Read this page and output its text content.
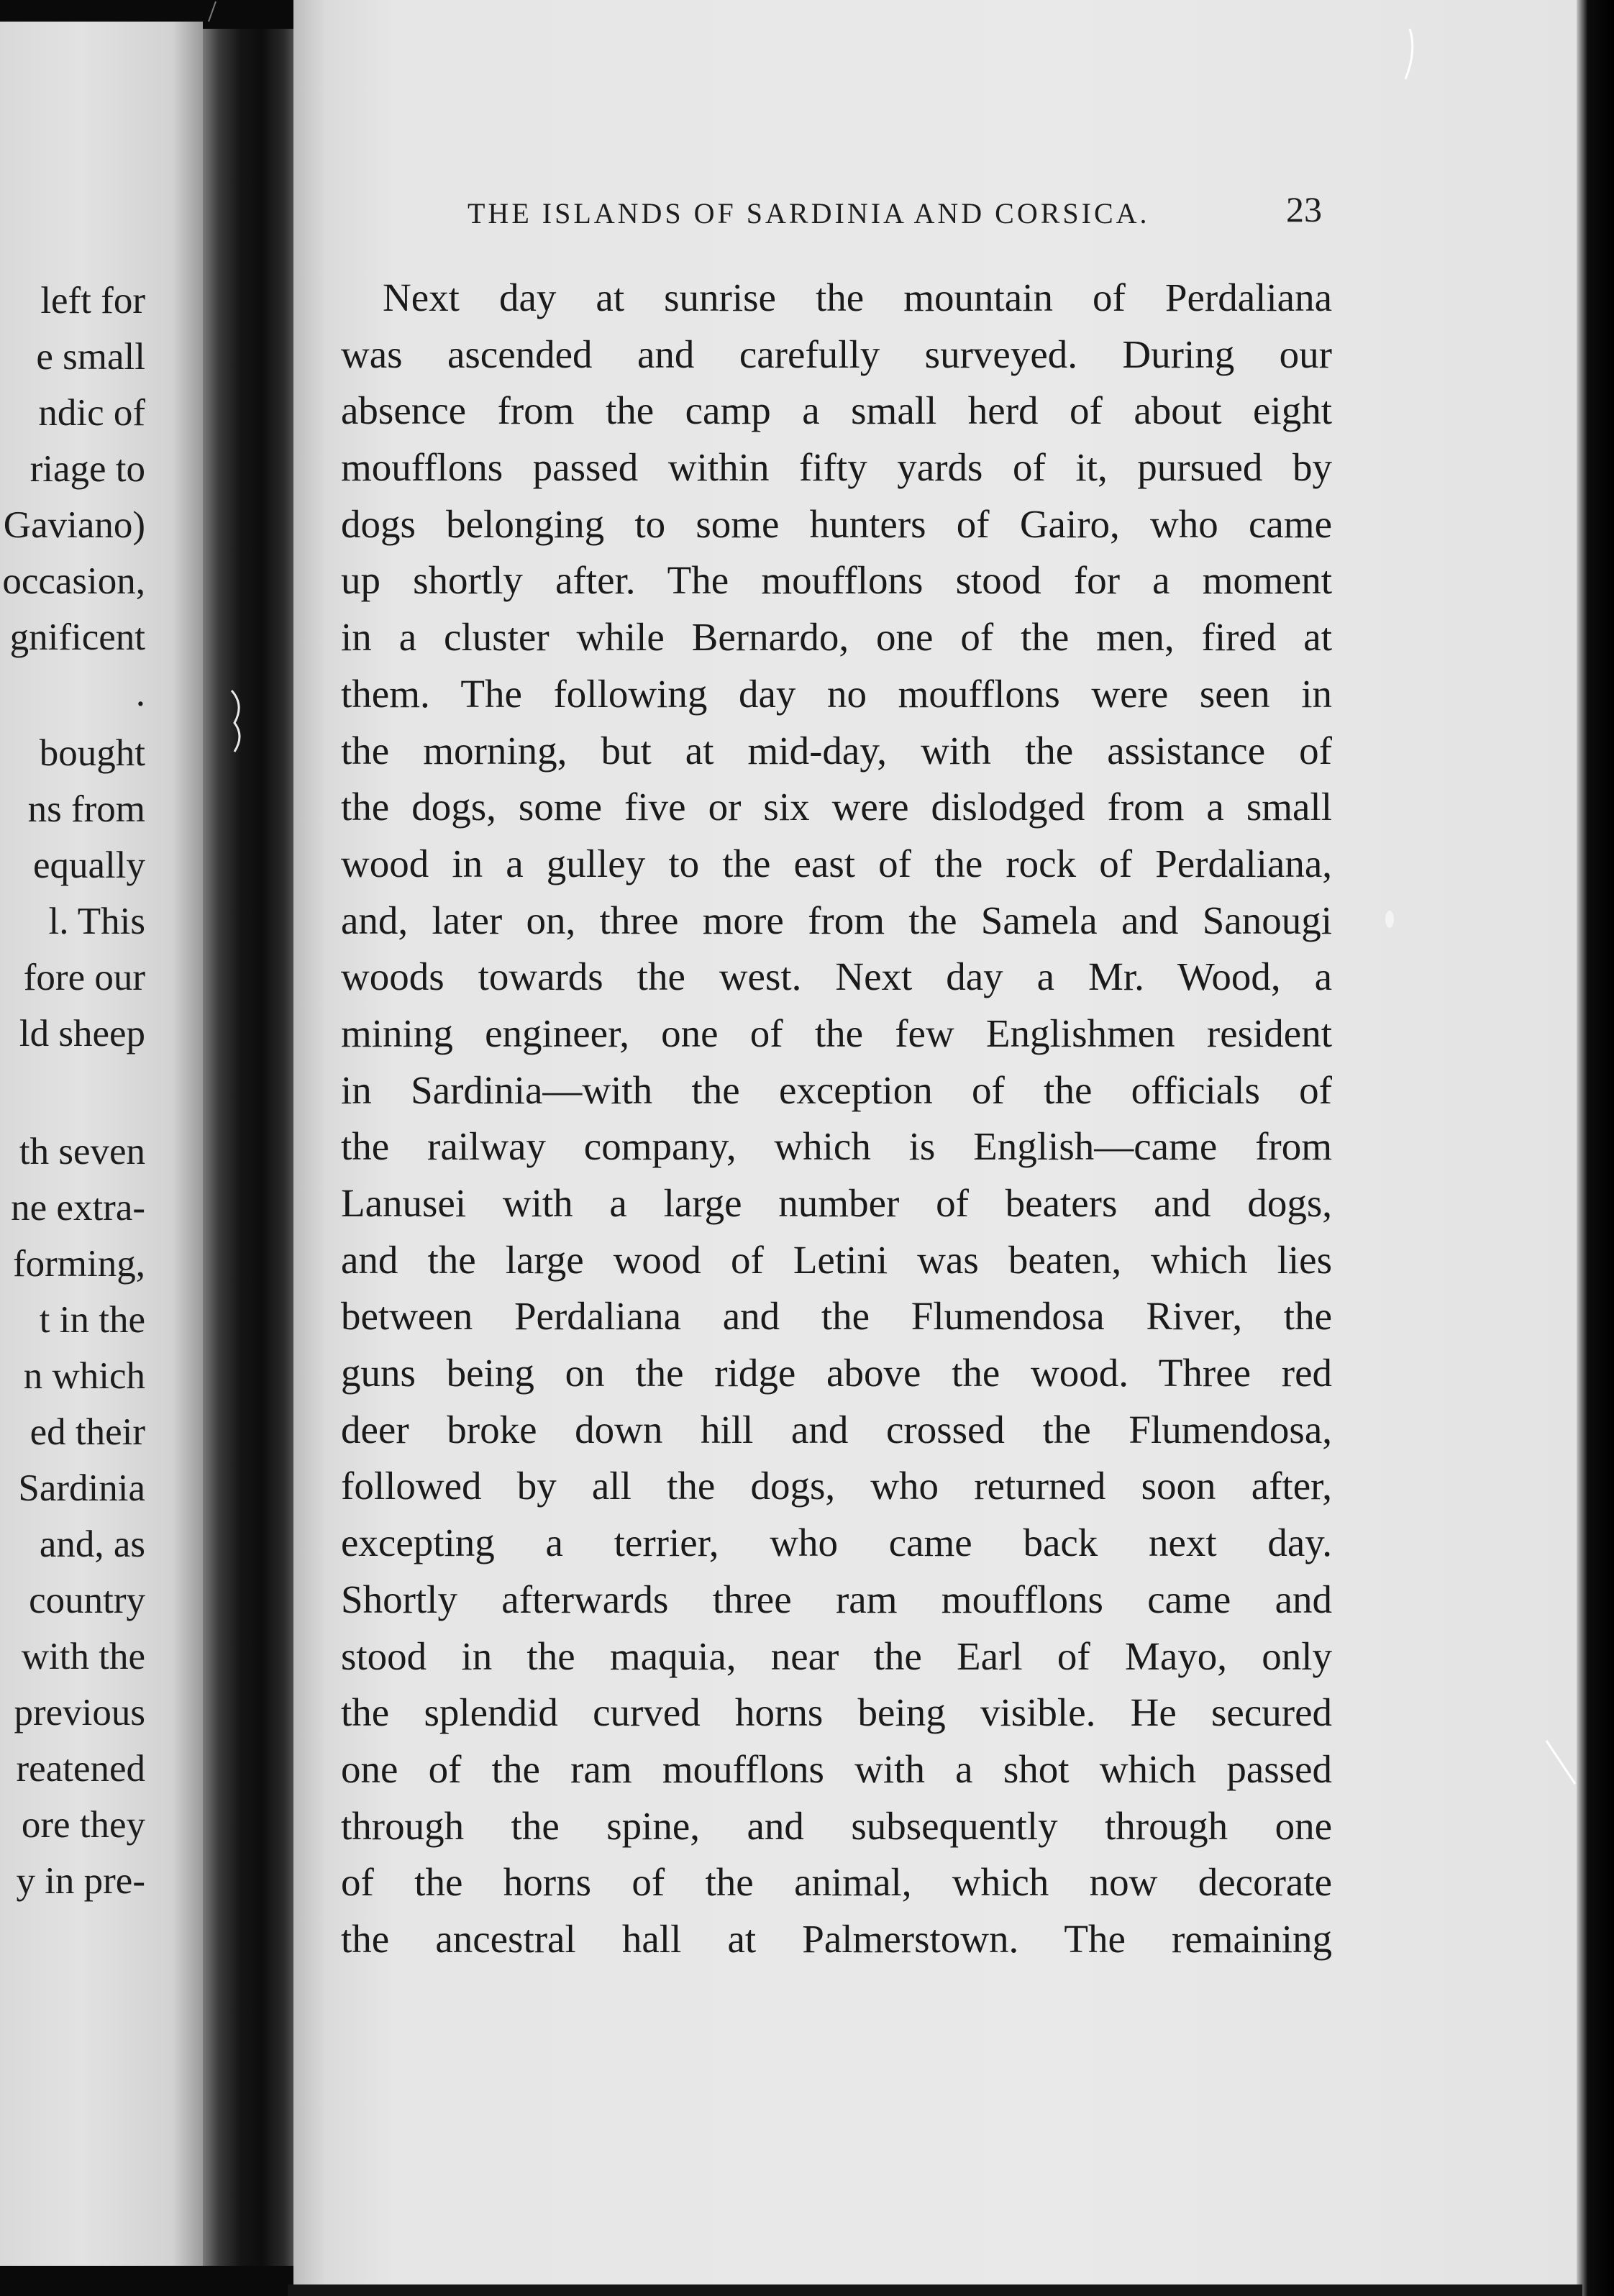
left for
e small
ndic of
riage to
Gaviano)
occasion,
gnificent
.
bought
ns from
equally
l. This
fore our
ld sheep
th seven
ne extra-
forming,
t in the
n which
ed their
Sardinia
and, as
country
with the
previous
reatened
ore they
y in pre-
THE ISLANDS OF SARDINIA AND CORSICA.	23
Next day at sunrise the mountain of Perdaliana
was ascended and carefully surveyed. During our
absence from the camp a small herd of about eight
moufflons passed within fifty yards of it, pursued by
dogs belonging to some hunters of Gairo, who came
up shortly after. The moufflons stood for a moment
in a cluster while Bernardo, one of the men, fired at
them. The following day no moufflons were seen in
the morning, but at mid-day, with the assistance of
the dogs, some five or six were dislodged from a small
wood in a gulley to the east of the rock of Perdaliana,
and, later on, three more from the Samela and Sanougi
woods towards the west. Next day a Mr. Wood, a
mining engineer, one of the few Englishmen resident
in Sardinia—with the exception of the officials of
the railway company, which is English—came from
Lanusei with a large number of beaters and dogs,
and the large wood of Letini was beaten, which lies
between Perdaliana and the Flumendosa River, the
guns being on the ridge above the wood. Three red
deer broke down hill and crossed the Flumendosa,
followed by all the dogs, who returned soon after,
excepting a terrier, who came back next day.
Shortly afterwards three ram moufflons came and
stood in the maquia, near the Earl of Mayo, only
the splendid curved horns being visible. He secured
one of the ram moufflons with a shot which passed
through the spine, and subsequently through one
of the horns of the animal, which now decorate
the ancestral hall at Palmerstown. The remaining
